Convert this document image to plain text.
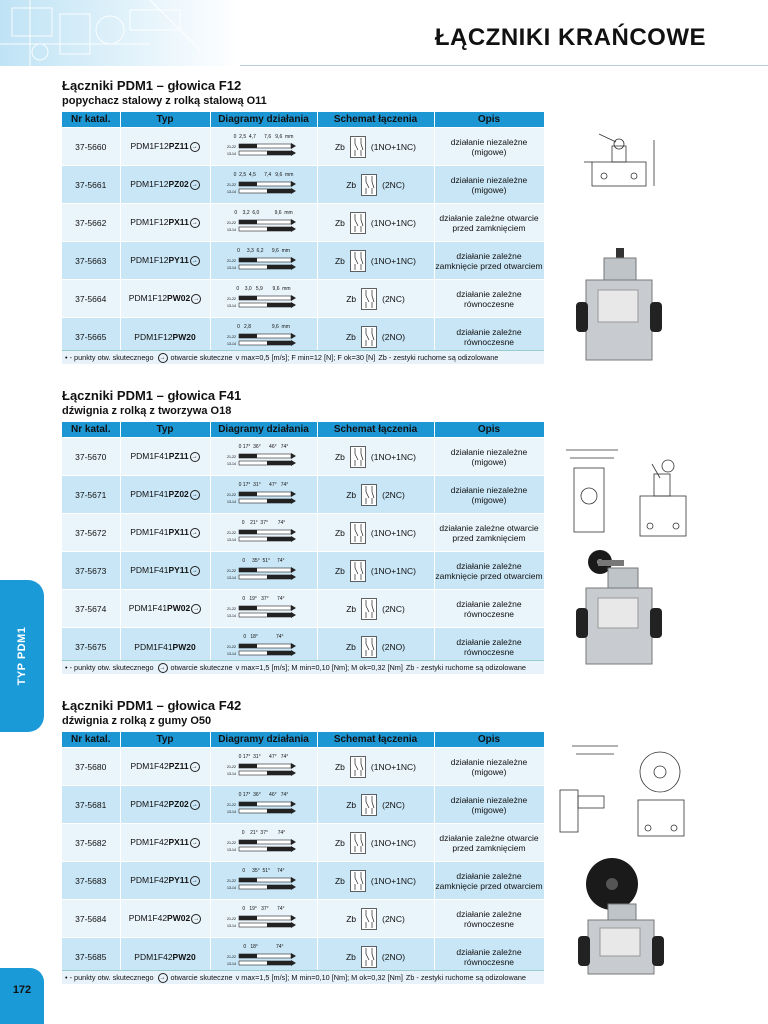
ŁĄCZNIKI KRAŃCOWE
TYP PDM1
172
Łączniki PDM1 – głowica F12
popychacz stalowy z rolką stalową O11
Nr katal.	Typ	Diagramy działania	Schemat łączenia	Opis
37-5660	PDM1F12PZ11 →	0  2,5  4,7      7,6   9,6  mm
21-22
13-14	Zb (1NO+1NC)	działanie niezależne (migowe)
37-5661	PDM1F12PZ02 →	0  2,5  4,5      7,4   9,6  mm
21-22
13-14	Zb (2NC)	działanie niezależne (migowe)
37-5662	PDM1F12PX11 →	0    3,2  6,0           9,6  mm
21-22
13-14	Zb (1NO+1NC)	działanie zależne otwarcie przed zamknięciem
37-5663	PDM1F12PY11 →	0     3,3  6,2      9,6  mm
21-22
13-14	Zb (1NO+1NC)	działanie zależne zamknięcie przed otwarciem
37-5664	PDM1F12PW02 →	0    3,0   5,9       9,6  mm
21-22
13-14	Zb (2NC)	działanie zależne równoczesne
37-5665	PDM1F12PW20	0   2,8               9,6  mm
21-22
13-14	Zb (2NO)	działanie zależne równoczesne
• - punkty otw. skutecznego → otwarcie skuteczne v max=0,5 [m/s]; F min=12 [N]; F ok=30 [N] Zb - zestyki ruchome są odizolowane
Łączniki PDM1 – głowica F41
dźwignia z rolką z tworzywa O18
Nr katal.	Typ	Diagramy działania	Schemat łączenia	Opis
37-5670	PDM1F41PZ11 →	0 17°  36°      46°   74°
21-22
13-14	Zb (1NO+1NC)	działanie niezależne (migowe)
37-5671	PDM1F41PZ02 →	0 17°  31°      47°   74°
21-22
13-14	Zb (2NC)	działanie niezależne (migowe)
37-5672	PDM1F41PX11 →	0    21°  37°       74°
21-22
13-14	Zb (1NO+1NC)	działanie zależne otwarcie przed zamknięciem
37-5673	PDM1F41PY11 →	0     35°  51°     74°
21-22
13-14	Zb (1NO+1NC)	działanie zależne zamknięcie przed otwarciem
37-5674	PDM1F41PW02 →	0   19°   37°      74°
21-22
13-14	Zb (2NC)	działanie zależne równoczesne
37-5675	PDM1F41PW20	0   18°             74°
21-22
13-14	Zb (2NO)	działanie zależne równoczesne
• - punkty otw. skutecznego → otwarcie skuteczne v max=1,5 [m/s]; M min=0,10 [Nm]; M ok=0,32 [Nm] Zb - zestyki ruchome są odizolowane
Łączniki PDM1 – głowica F42
dźwignia z rolką z gumy O50
Nr katal.	Typ	Diagramy działania	Schemat łączenia	Opis
37-5680	PDM1F42PZ11 →	0 17°  31°      47°   74°
21-22
13-14	Zb (1NO+1NC)	działanie niezależne (migowe)
37-5681	PDM1F42PZ02 →	0 17°  36°      46°   74°
21-22
13-14	Zb (2NC)	działanie niezależne (migowe)
37-5682	PDM1F42PX11 →	0    21°  37°       74°
21-22
13-14	Zb (1NO+1NC)	działanie zależne otwarcie przed zamknięciem
37-5683	PDM1F42PY11 →	0     35°  51°     74°
21-22
13-14	Zb (1NO+1NC)	działanie zależne zamknięcie przed otwarciem
37-5684	PDM1F42PW02 →	0   19°   37°      74°
21-22
13-14	Zb (2NC)	działanie zależne równoczesne
37-5685	PDM1F42PW20	0   18°             74°
21-22
13-14	Zb (2NO)	działanie zależne równoczesne
• - punkty otw. skutecznego → otwarcie skuteczne v max=1,5 [m/s]; M min=0,10 [Nm]; M ok=0,32 [Nm] Zb - zestyki ruchome są odizolowane
